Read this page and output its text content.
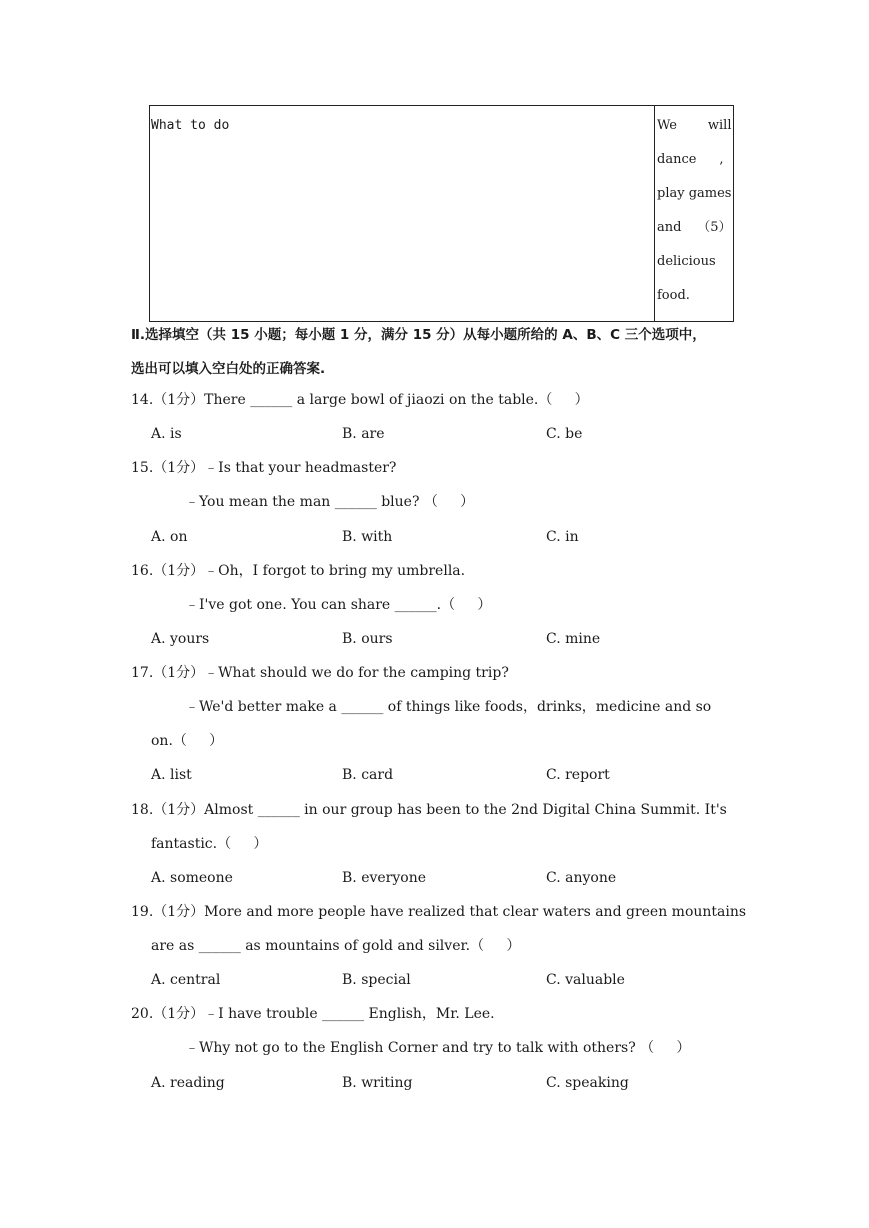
What to do	We will
dance ,
play games
and （5）
delicious
food.
Ⅱ.选择填空（共 15 小题；每小题 1 分，满分 15 分）从每小题所给的 A、B、C 三个选项中，
选出可以填入空白处的正确答案.
14.（1分）There ______ a large bowl of jiaozi on the table.（     ）
A. is	B. are	C. be
15.（1分）﹣Is that your headmaster?
﹣You mean the man ______ blue? （     ）
A. on	B. with	C. in
16.（1分）﹣Oh，I forgot to bring my umbrella.
﹣I've got one. You can share ______.（     ）
A. yours	B. ours	C. mine
17.（1分）﹣What should we do for the camping trip?
﹣We'd better make a ______ of things like foods，drinks，medicine and so
on.（     ）
A. list	B. card	C. report
18.（1分）Almost ______ in our group has been to the 2nd Digital China Summit. It's
fantastic.（     ）
A. someone	B. everyone	C. anyone
19.（1分）More and more people have realized that clear waters and green mountains
are as ______ as mountains of gold and silver.（     ）
A. central	B. special	C. valuable
20.（1分）﹣I have trouble ______ English，Mr. Lee.
﹣Why not go to the English Corner and try to talk with others? （     ）
A. reading	B. writing	C. speaking
